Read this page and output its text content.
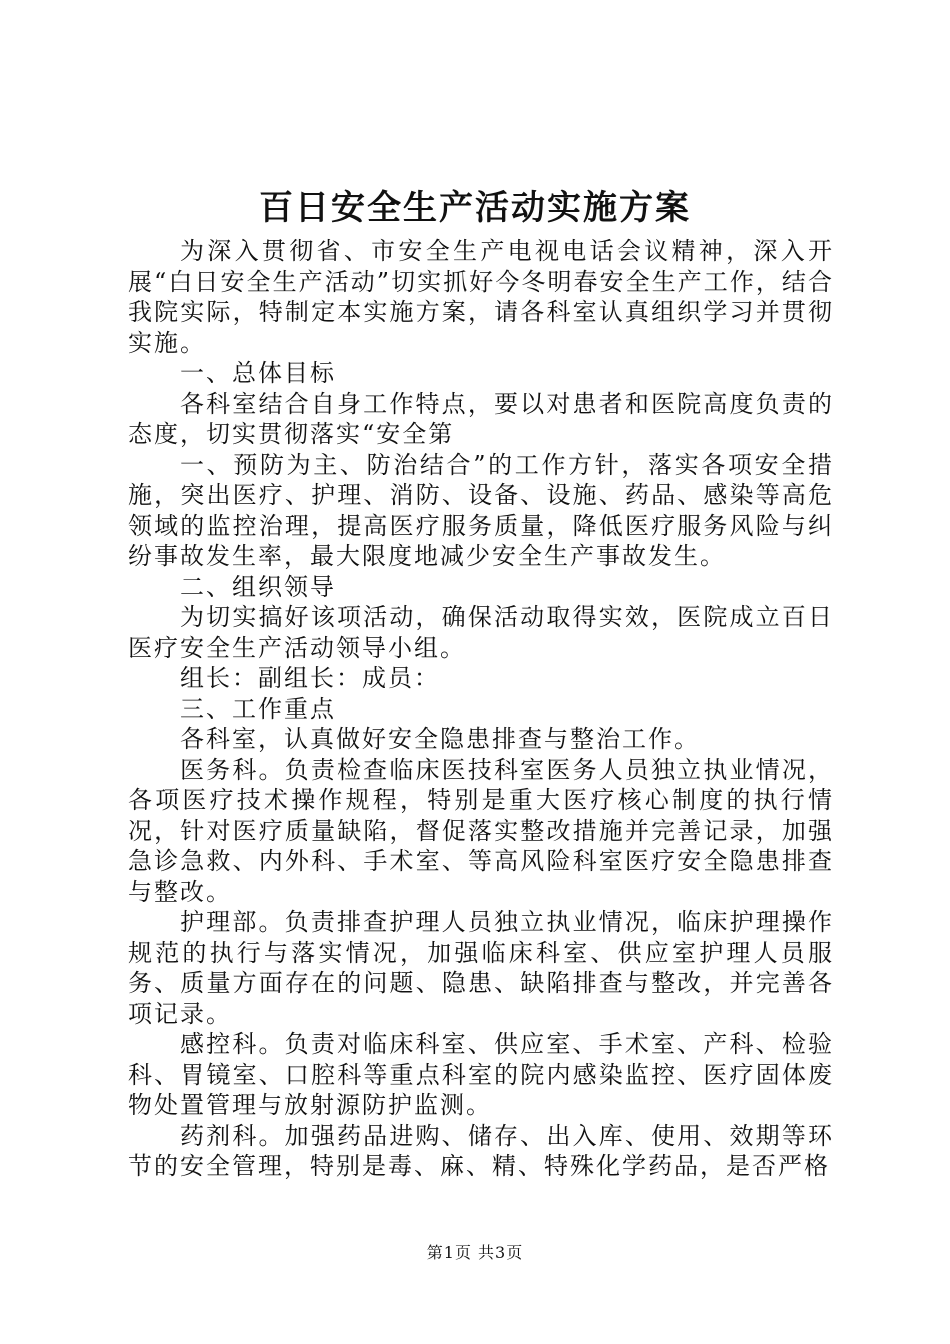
百日安全生产活动实施方案

为深入贯彻省、市安全生产电视电话会议精神，深入开展“白日安全生产活动”切实抓好今冬明春安全生产工作，结合我院实际，特制定本实施方案，请各科室认真组织学习并贯彻实施。

一、总体目标

各科室结合自身工作特点，要以对患者和医院高度负责的态度，切实贯彻落实“安全第

一、预防为主、防治结合”的工作方针，落实各项安全措施，突出医疗、护理、消防、设备、设施、药品、感染等高危领域的监控治理，提高医疗服务质量，降低医疗服务风险与纠纷事故发生率，最大限度地减少安全生产事故发生。

二、组织领导

为切实搞好该项活动，确保活动取得实效，医院成立百日医疗安全生产活动领导小组。

组长：副组长：成员：

三、工作重点

各科室，认真做好安全隐患排查与整治工作。

医务科。负责检查临床医技科室医务人员独立执业情况，各项医疗技术操作规程，特别是重大医疗核心制度的执行情况，针对医疗质量缺陷，督促落实整改措施并完善记录，加强急诊急救、内外科、手术室、等高风险科室医疗安全隐患排查与整改。

护理部。负责排查护理人员独立执业情况，临床护理操作规范的执行与落实情况，加强临床科室、供应室护理人员服务、质量方面存在的问题、隐患、缺陷排查与整改，并完善各项记录。

感控科。负责对临床科室、供应室、手术室、产科、检验科、胃镜室、口腔科等重点科室的院内感染监控、医疗固体废物处置管理与放射源防护监测。

药剂科。加强药品进购、储存、出入库、使用、效期等环节的安全管理，特别是毒、麻、精、特殊化学药品，是否严格

第1页 共3页
